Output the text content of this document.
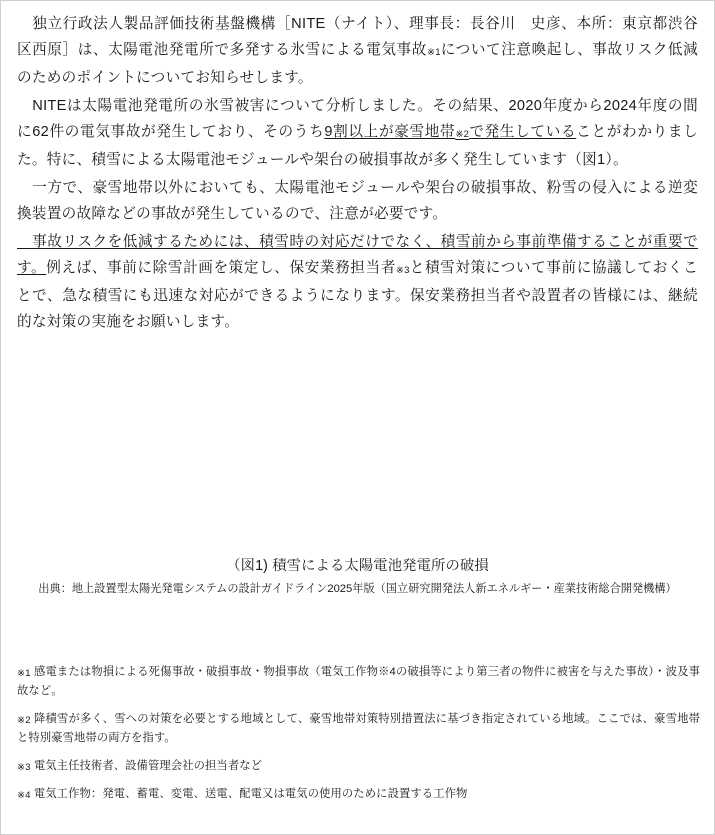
　独立行政法人製品評価技術基盤機構［NITE（ナイト）、理事長：長谷川　史彦、本所：東京都渋谷区西原］は、太陽電池発電所で多発する氷雪による電気事故※1について注意喚起し、事故リスク低減のためのポイントについてお知らせします。

　NITEは太陽電池発電所の氷雪被害について分析しました。その結果、2020年度から2024年度の間に62件の電気事故が発生しており、そのうち9割以上が豪雪地帯※2で発生していることがわかりました。特に、積雪による太陽電池モジュールや架台の破損事故が多く発生しています（図1）。

　一方で、豪雪地帯以外においても、太陽電池モジュールや架台の破損事故、粉雪の侵入による逆変換装置の故障などの事故が発生しているので、注意が必要です。

　事故リスクを低減するためには、積雪時の対応だけでなく、積雪前から事前準備することが重要です。例えば、事前に除雪計画を策定し、保安業務担当者※3と積雪対策について事前に協議しておくことで、急な積雪にも迅速な対応ができるようになります。保安業務担当者や設置者の皆様には、継続的な対策の実施をお願いします。

（図1) 積雪による太陽電池発電所の破損

出典：地上設置型太陽光発電システムの設計ガイドライン2025年版（国立研究開発法人新エネルギー・産業技術総合開発機構）

※1 感電または物損による死傷事故・破損事故・物損事故（電気工作物※4の破損等により第三者の物件に被害を与えた事故）・波及事故など。

※2 降積雪が多く、雪への対策を必要とする地域として、豪雪地帯対策特別措置法に基づき指定されている地域。ここでは、豪雪地帯と特別豪雪地帯の両方を指す。

※3 電気主任技術者、設備管理会社の担当者など

※4 電気工作物：発電、蓄電、変電、送電、配電又は電気の使用のために設置する工作物
